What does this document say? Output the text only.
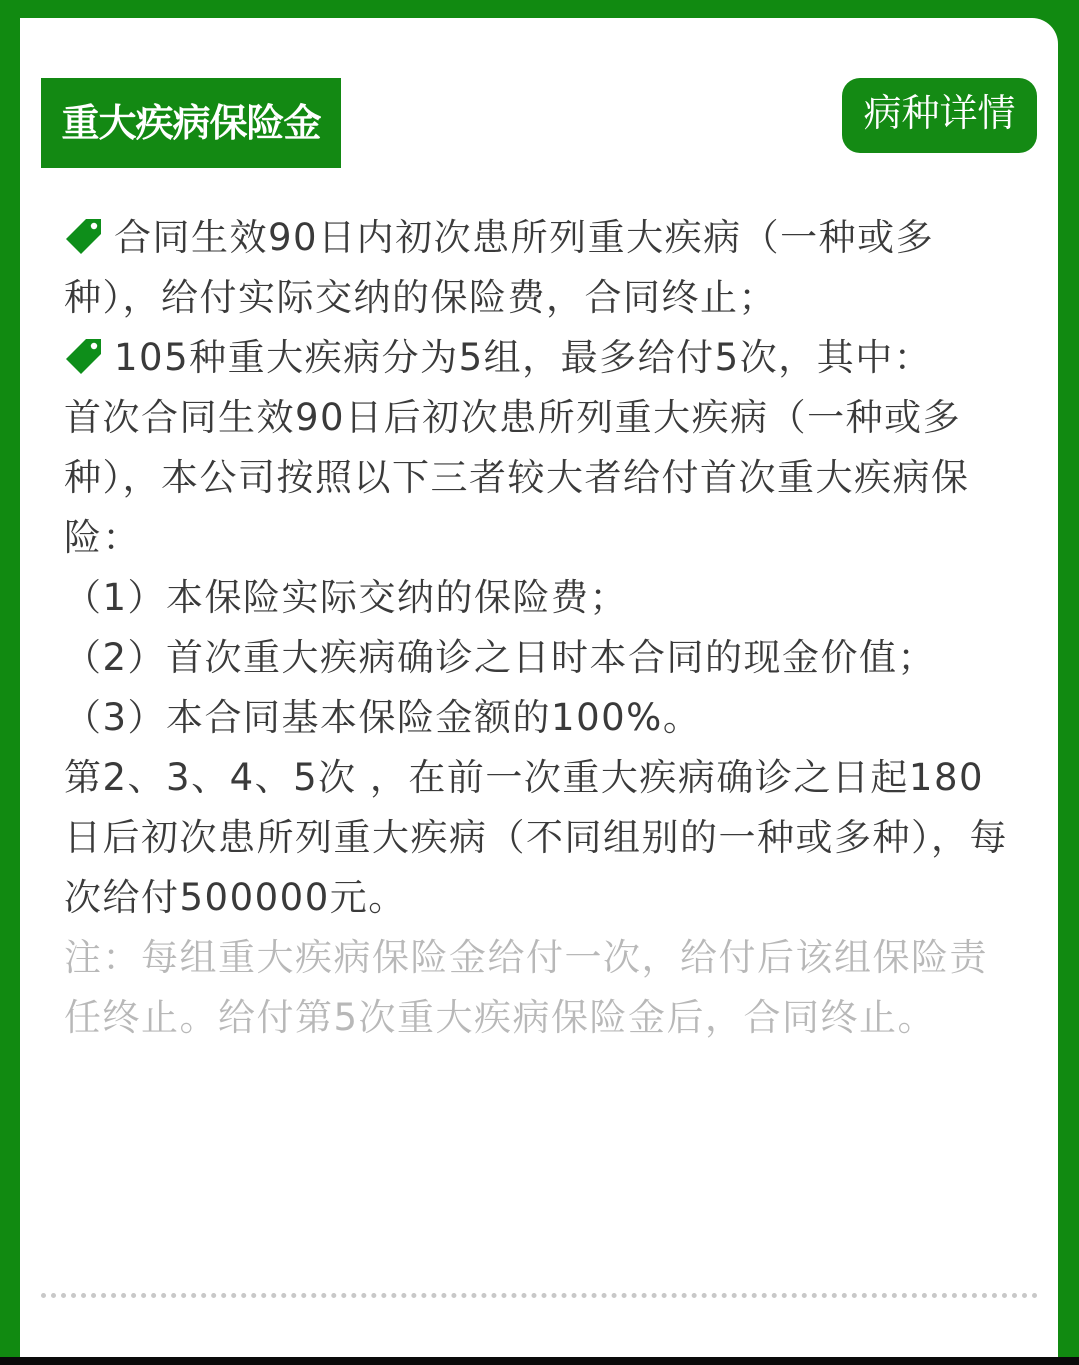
重大疾病保险金	病种详情

合同生效90日内初次患所列重大疾病（一种或多种），给付实际交纳的保险费，合同终止；

105种重大疾病分为5组，最多给付5次，其中：

首次合同生效90日后初次患所列重大疾病（一种或多种），本公司按照以下三者较大者给付首次重大疾病保险：

（1）本保险实际交纳的保险费；

（2）首次重大疾病确诊之日时本合同的现金价值；

（3）本合同基本保险金额的100%。

第2、3、4、5次 ，在前一次重大疾病确诊之日起180日后初次患所列重大疾病（不同组别的一种或多种），每次给付500000元。

注：每组重大疾病保险金给付一次，给付后该组保险责任终止。给付第5次重大疾病保险金后，合同终止。
